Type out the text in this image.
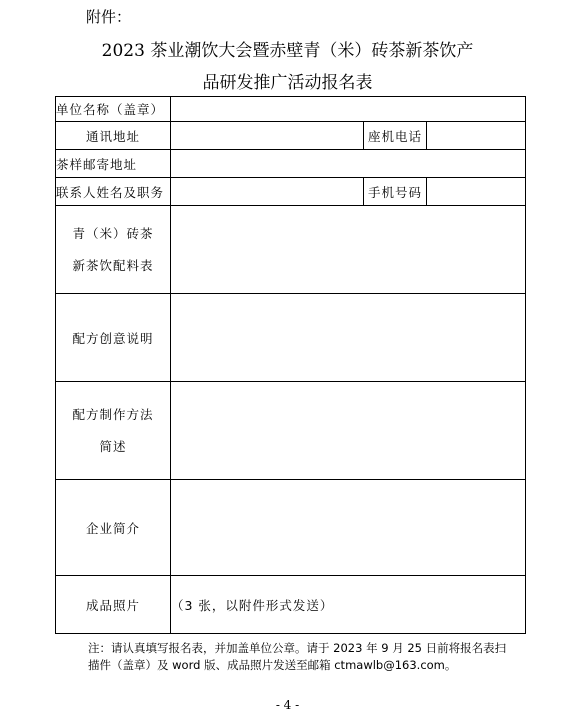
附件：
2023 茶业潮饮大会暨赤壁青（米）砖茶新茶饮产
品研发推广活动报名表
单位名称（盖章）			
通讯地址		座机电话	
茶样邮寄地址			
联系人姓名及职务		手机号码	

青（米）砖茶
新茶饮配料表			

配方创意说明			

配方制作方法
简述			

企业简介			
成品照片	（3 张，以附件形式发送）		
注：请认真填写报名表，并加盖单位公章。请于 2023 年 9 月 25 日前将报名表扫
描件（盖章）及 word 版、成品照片发送至邮箱 ctmawlb@163.com。
- 4 -
